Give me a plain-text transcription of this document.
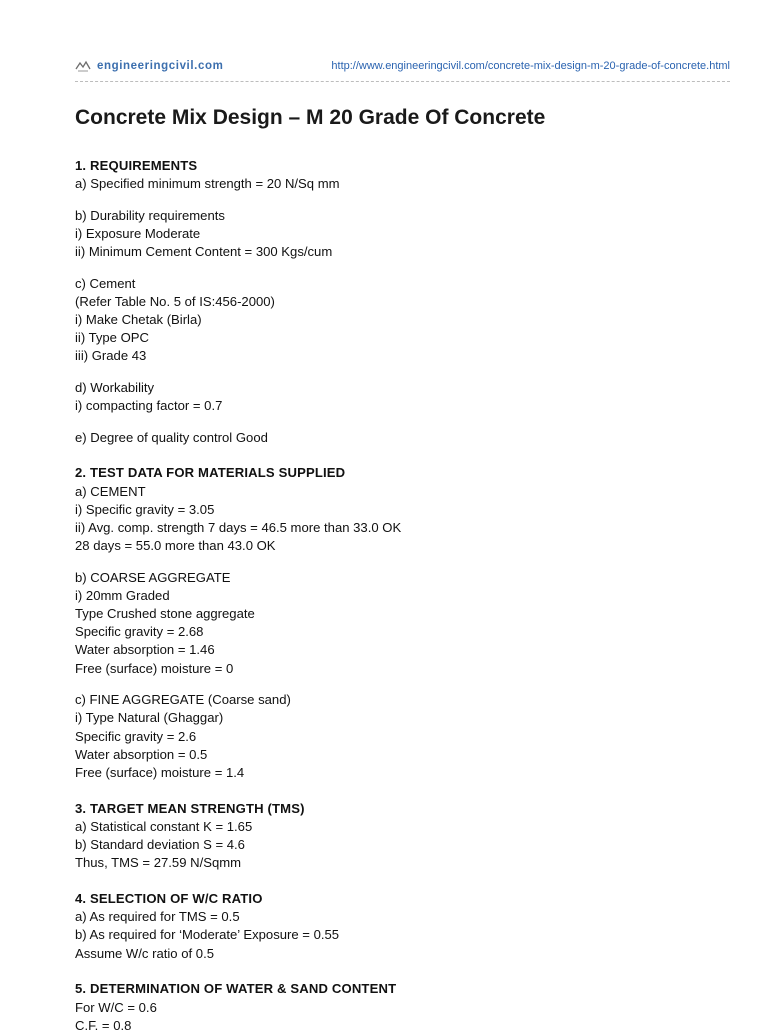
engineeringcivil.com	http://www.engineeringcivil.com/concrete-mix-design-m-20-grade-of-concrete.html
Concrete Mix Design – M 20 Grade Of Concrete
1. REQUIREMENTS
a) Specified minimum strength = 20 N/Sq mm
b) Durability requirements
i) Exposure Moderate
ii) Minimum Cement Content = 300 Kgs/cum
c) Cement
(Refer Table No. 5 of IS:456-2000)
i) Make Chetak (Birla)
ii) Type OPC
iii) Grade 43
d) Workability
i) compacting factor = 0.7
e) Degree of quality control Good
2. TEST DATA FOR MATERIALS SUPPLIED
a) CEMENT
i) Specific gravity = 3.05
ii) Avg. comp. strength 7 days = 46.5 more than 33.0 OK
28 days = 55.0 more than 43.0 OK
b) COARSE AGGREGATE
i) 20mm Graded
Type Crushed stone aggregate
Specific gravity = 2.68
Water absorption = 1.46
Free (surface) moisture = 0
c) FINE AGGREGATE (Coarse sand)
i) Type Natural (Ghaggar)
Specific gravity = 2.6
Water absorption = 0.5
Free (surface) moisture = 1.4
3. TARGET MEAN STRENGTH (TMS)
a) Statistical constant K = 1.65
b) Standard deviation S = 4.6
Thus, TMS = 27.59 N/Sqmm
4. SELECTION OF W/C RATIO
a) As required for TMS = 0.5
b) As required for ‘Moderate’ Exposure = 0.55
Assume W/c ratio of 0.5
5. DETERMINATION OF WATER & SAND CONTENT
For W/C = 0.6
C.F. = 0.8
